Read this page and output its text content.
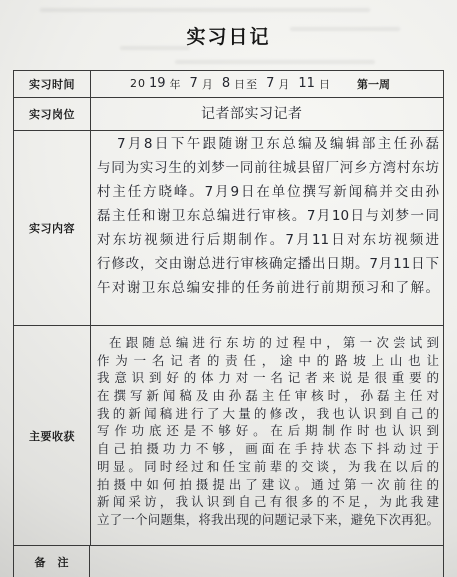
实习日记
实习时间	20 19 年 7 月 8 日至 7 月 11 日 第一周
实习岗位	记者部实习记者
实习内容
7月8日下午跟随谢卫东总编及编辑部主任孙磊
与同为实习生的刘梦一同前往城县留厂河乡方湾村东坊
村主任方晓峰。7月9日在单位撰写新闻稿并交由孙
磊主任和谢卫东总编进行审核。7月10日与刘梦一同
对东坊视频进行后期制作。7月11日对东坊视频进
行修改，交由谢总进行审核确定播出日期。7月11日下
午对谢卫东总编安排的任务前进行前期预习和了解。
主要收获
在跟随总编进行东坊的过程中，第一次尝试到
作为一名记者的责任，途中的路坡上山也让
我意识到好的体力对一名记者来说是很重要的
在撰写新闻稿及由孙磊主任审核时，孙磊主任对
我的新闻稿进行了大量的修改，我也认识到自己的
写作功底还是不够好。在后期制作时也认识到
自己拍摄功力不够，画面在手持状态下抖动过于
明显。同时经过和任宝前辈的交谈，为我在以后的
拍摄中如何拍摄提出了建议。通过第一次前往的
新闻采访，我认识到自己有很多的不足，为此我建
立了一个问题集，将我出现的问题记录下来，避免下次再犯。
备注
